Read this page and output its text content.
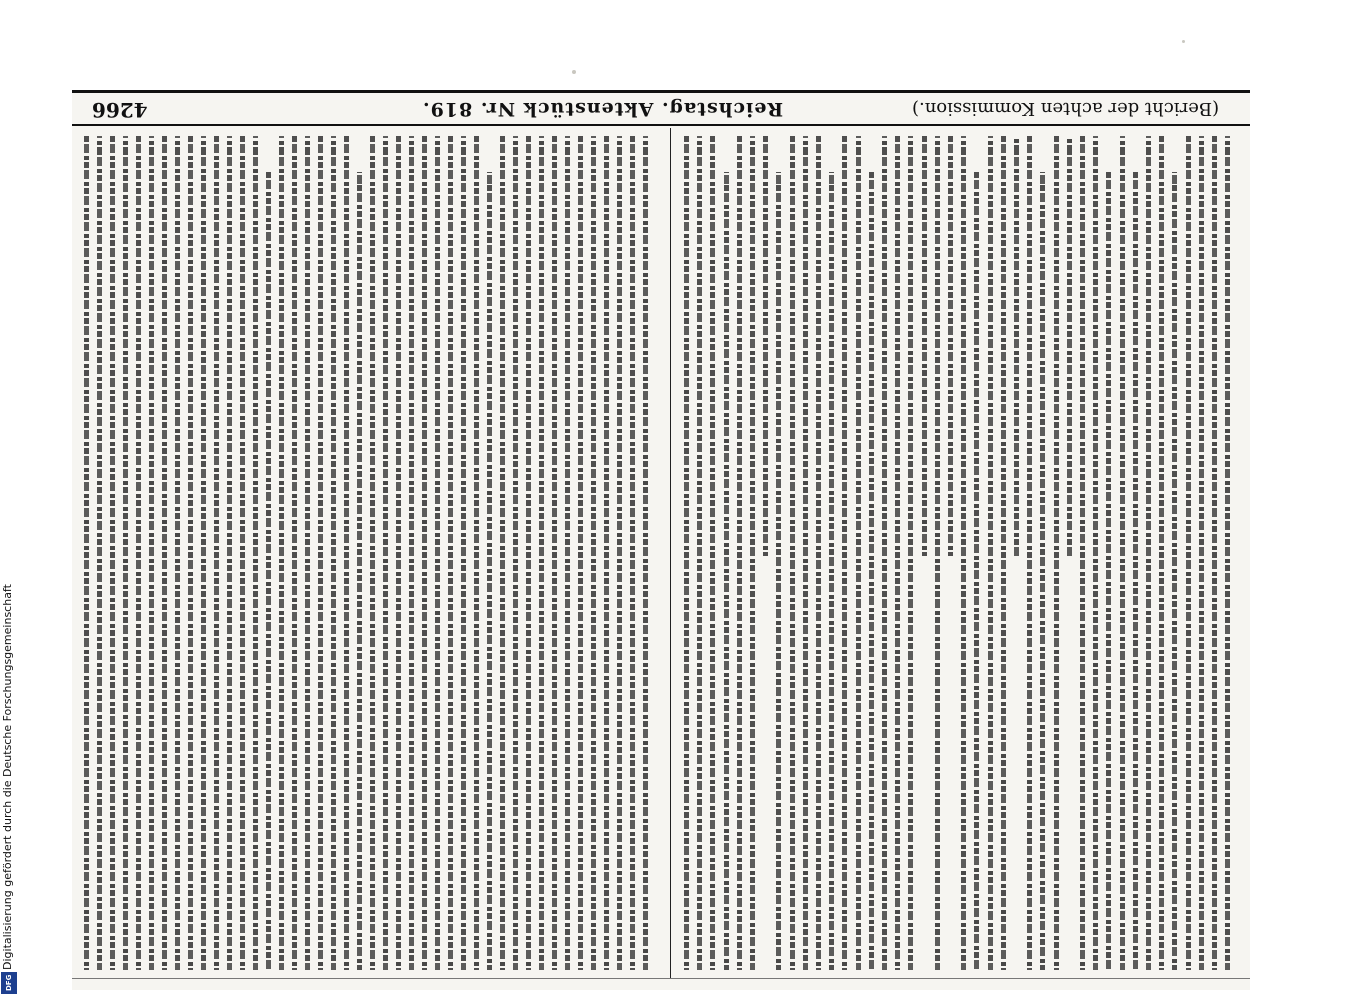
Digitalisierung gefördert durch die Deutsche Forschungsgemeinschaft
DFG
4266	Reichstag. Aktenstück Nr. 819.	(Bericht der achten Kommission.)
